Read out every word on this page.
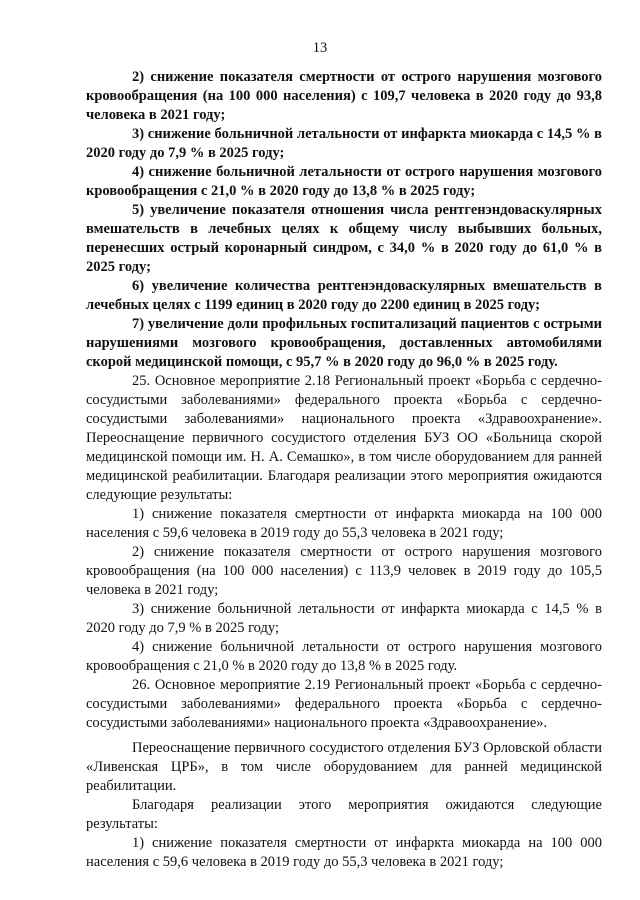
13

2) снижение показателя смертности от острого нарушения мозгового кровообращения (на 100 000 населения) с 109,7 человека в 2020 году до 93,8 человека в 2021 году;

3) снижение больничной летальности от инфаркта миокарда с 14,5 % в 2020 году до 7,9 % в 2025 году;

4) снижение больничной летальности от острого нарушения мозгового кровообращения с 21,0 % в 2020 году до 13,8 % в 2025 году;

5) увеличение показателя отношения числа рентгенэндоваскулярных вмешательств в лечебных целях к общему числу выбывших больных, перенесших острый коронарный синдром, с 34,0 % в 2020 году до 61,0 % в 2025 году;

6) увеличение количества рентгенэндоваскулярных вмешательств в лечебных целях с 1199 единиц в 2020 году до 2200 единиц в 2025 году;

7) увеличение доли профильных госпитализаций пациентов с острыми нарушениями мозгового кровообращения, доставленных автомобилями скорой медицинской помощи, с 95,7 % в 2020 году до 96,0 % в 2025 году.

25. Основное мероприятие 2.18 Региональный проект «Борьба с сердечно-сосудистыми заболеваниями» федерального проекта «Борьба с сердечно-сосудистыми заболеваниями» национального проекта «Здравоохранение». Переоснащение первичного сосудистого отделения БУЗ ОО «Больница скорой медицинской помощи им. Н. А. Семашко», в том числе оборудованием для ранней медицинской реабилитации. Благодаря реализации этого мероприятия ожидаются следующие результаты:

1) снижение показателя смертности от инфаркта миокарда на 100 000 населения с 59,6 человека в 2019 году до 55,3 человека в 2021 году;

2) снижение показателя смертности от острого нарушения мозгового кровообращения (на 100 000 населения) с 113,9 человек в 2019 году до 105,5 человека в 2021 году;

3) снижение больничной летальности от инфаркта миокарда с 14,5 % в 2020 году до 7,9 % в 2025 году;

4) снижение больничной летальности от острого нарушения мозгового кровообращения с 21,0 % в 2020 году до 13,8 % в 2025 году.

26. Основное мероприятие 2.19 Региональный проект «Борьба с сердечно-сосудистыми заболеваниями» федерального проекта «Борьба с сердечно-сосудистыми заболеваниями» национального проекта «Здравоохранение».

Переоснащение первичного сосудистого отделения БУЗ Орловской области «Ливенская ЦРБ», в том числе оборудованием для ранней медицинской реабилитации.

Благодаря реализации этого мероприятия ожидаются следующие результаты:

1) снижение показателя смертности от инфаркта миокарда на 100 000 населения с 59,6 человека в 2019 году до 55,3 человека в 2021 году;
